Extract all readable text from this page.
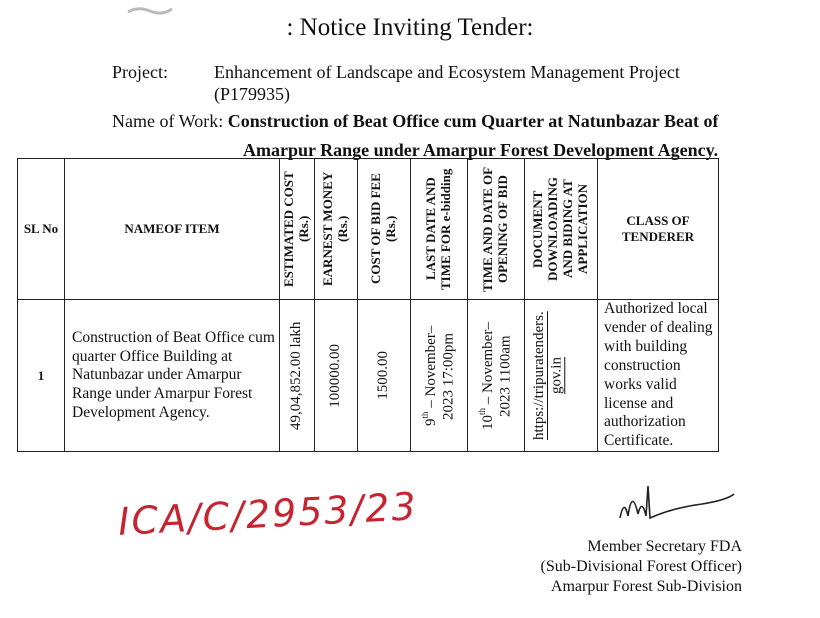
: Notice Inviting Tender:
Project:	Enhancement of Landscape and Ecosystem Management Project
(P179935)
Name of Work: Construction of Beat Office cum Quarter at Natunbazar Beat of
Amarpur Range under Amarpur Forest Development Agency.
SL No	NAMEOF ITEM	ESTIMATED COST (Rs.)	EARNEST MONEY (Rs.)	COST OF BID FEE (Rs.)	LAST DATE AND TIME FOR e-bidding	TIME AND DATE OF OPENING OF BID	DOCUMENT DOWNLOADING AND BIDING AT APPLICATION	CLASS OF TENDERER
1	Construction of Beat Office cum quarter Office Building at Natunbazar under Amarpur Range under Amarpur Forest Development Agency.	49,04,852.00 lakh	100000.00	1500.00	9th – November– 2023 17:00pm	10th – November– 2023 1100am	https://tripuratenders.gov.in	Authorized local vender of dealing with building construction works valid license and authorization Certificate.
ICA/C/2953/23
Member Secretary FDA
(Sub-Divisional Forest Officer)
Amarpur Forest Sub-Division
